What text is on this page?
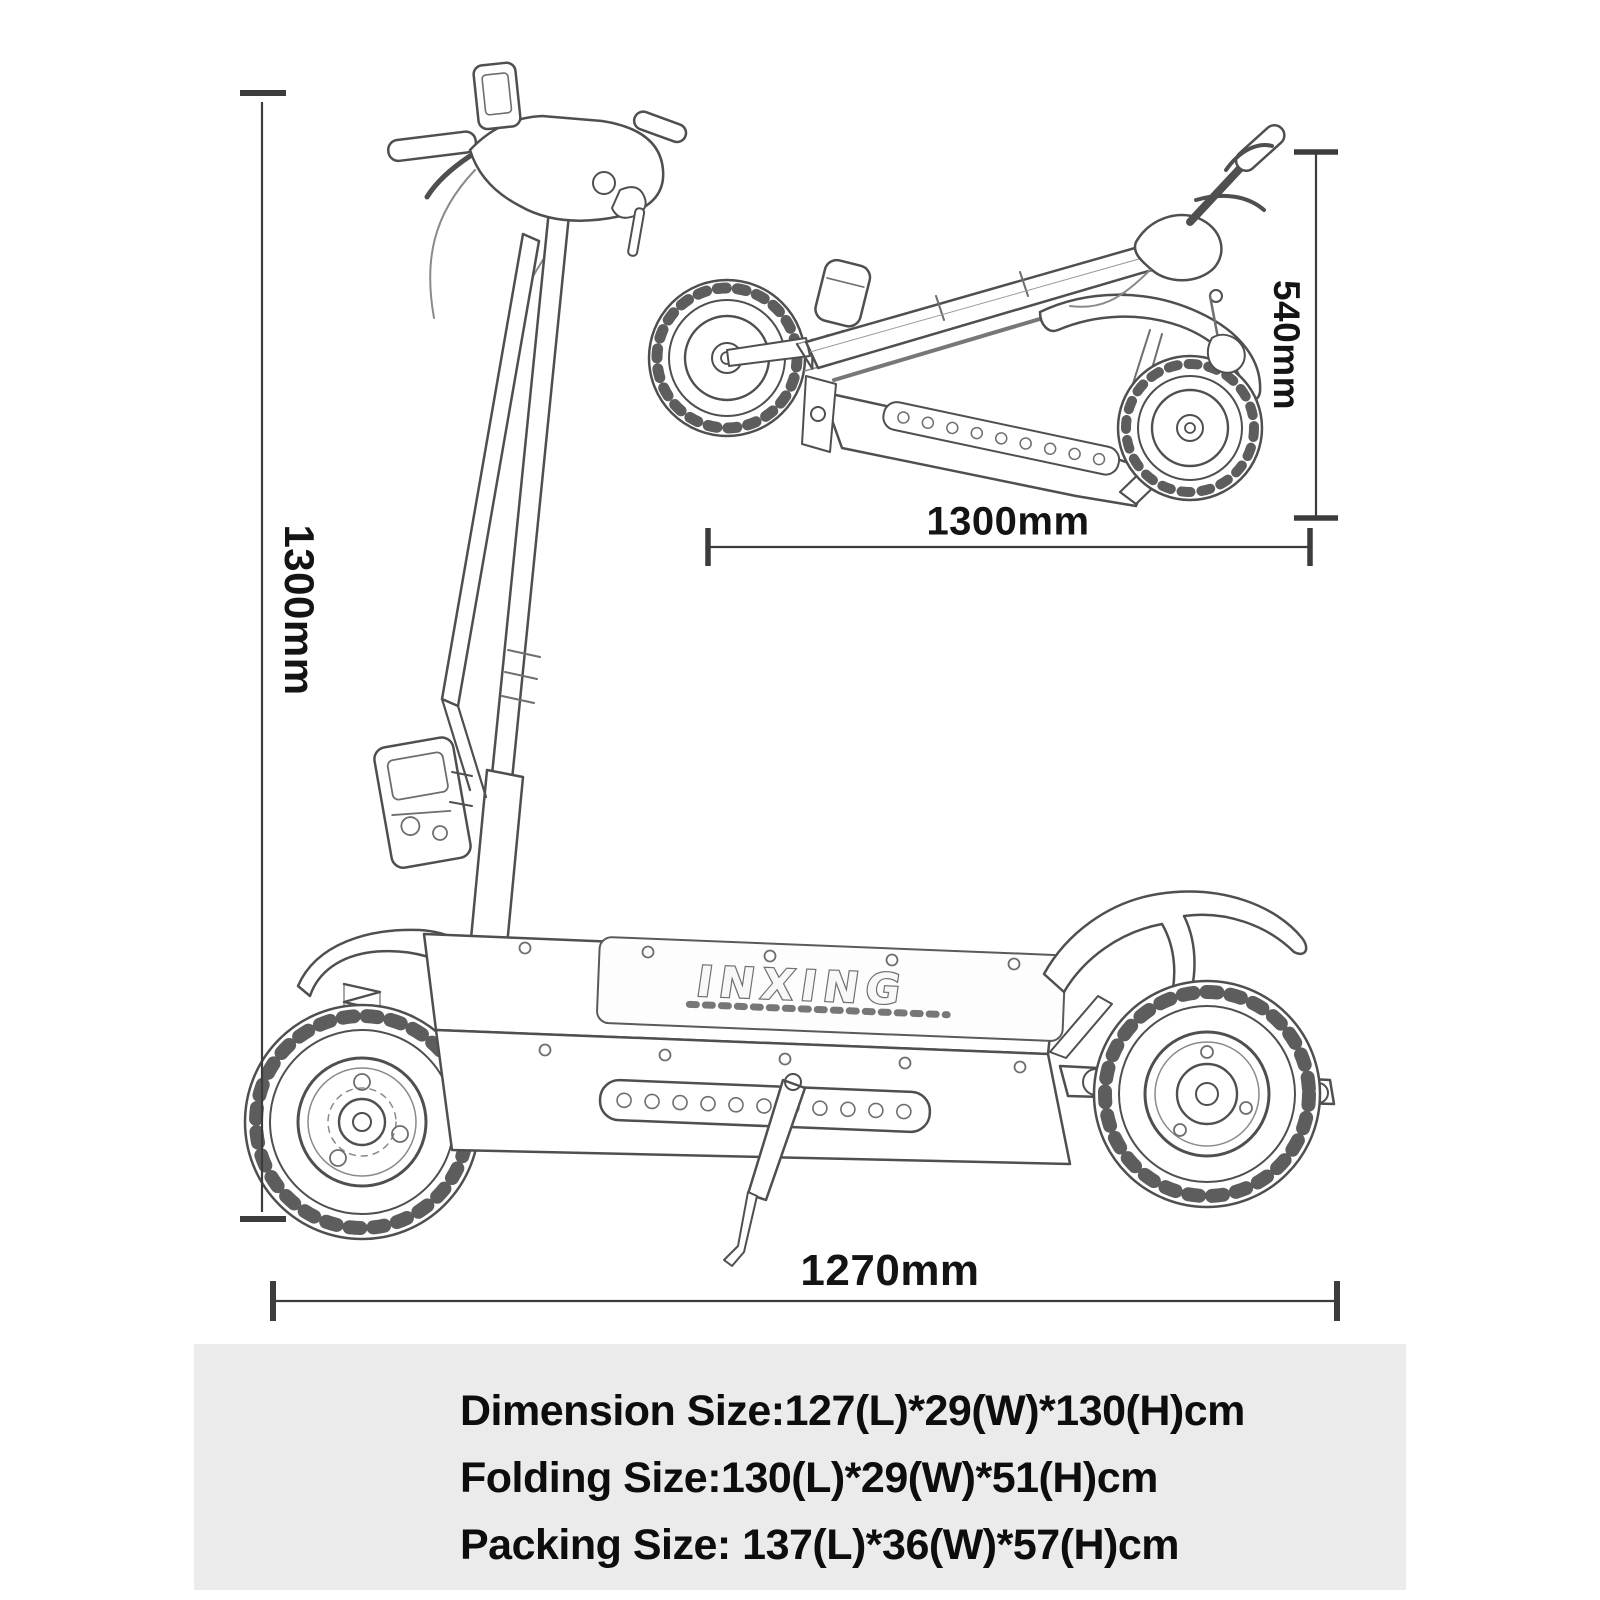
INXING
1300mm
1270mm
540mm
1300mm
Dimension Size:127(L)*29(W)*130(H)cm
Folding Size:130(L)*29(W)*51(H)cm
Packing Size: 137(L)*36(W)*57(H)cm
